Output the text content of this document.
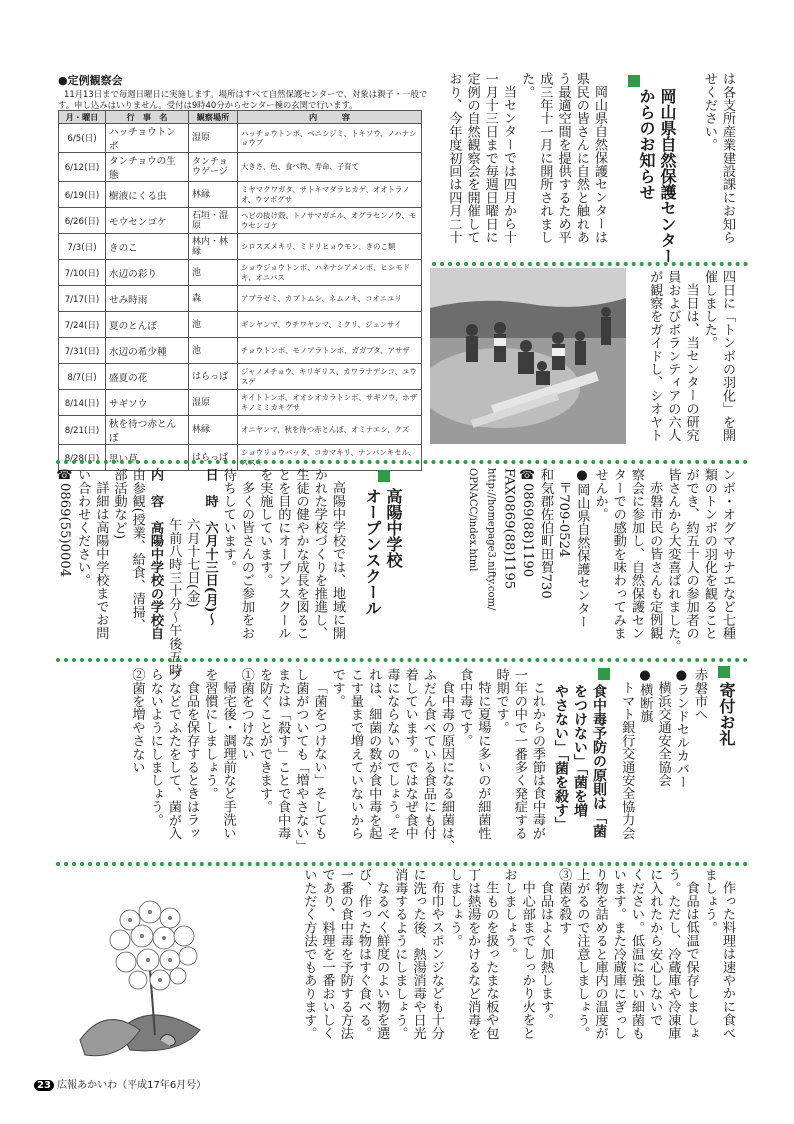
●定例観察会
11月13日まで毎週日曜日に実施します。場所はすべて自然保護センターで、対象は親子・一般で
す。申し込みはいりません。受付は9時40分からセンター棟の玄関で行います。
月・曜日	行　事　名	観察場所	内　　　容
6/5(日)	ハッチョウトンボ	湿原	ハッチョウトンボ、ベニシジミ、トキソウ、ノハナショウブ
6/12(日)	タンチョウの生態	タンチョウゲージ	大きさ、色、食べ物、寿命、子育て
6/19(日)	樹液にくる虫	林縁	ミヤマクワガタ、サトキマダラヒカゲ、オオトラノオ、ウツボグサ
6/26(日)	モウセンゴケ	石垣・湿原	ヘビの抜け殻、トノサマガエル、オグラセンノウ、モウセンゴケ
7/3(日)	きのこ	林内・林縁	シロスズメキリ、ミドリヒョウモン、きのこ類
7/10(日)	水辺の彩り	池	ショウジョウトンボ、ハネナシアメンボ、ヒシモドキ、オニバス
7/17(日)	せみ時雨	森	アブラゼミ、カブトムシ、ネムノキ、コオニユリ
7/24(日)	夏のとんぼ	池	ギンヤンマ、ウチワヤンマ、ミクリ、ジュンサイ
7/31(日)	水辺の希少種	池	チョウトンボ、モノアラトンボ、ガガブタ、アサザ
8/7(日)	盛夏の花	はらっぱ	ジャノメチョウ、キリギリス、カワラナデシコ、ユウスゲ
8/14(日)	サギソウ	湿原	キイトトンボ、オオシオカラトンボ、サギソウ、ホザキノミミカキグサ
8/21(日)	秋を待つ赤とんぼ	林縁	オニヤンマ、秋を待つ赤とんぼ、オミナエシ、クズ
8/28(日)	思い草	はらっぱ	ショウリョウバッタ、コカマキリ、ナンバンキセル、ススキ

は各支所産業建設課にお知ら

せください。

岡山県自然保護センター

からのお知らせ

岡山県自然保護センターは

県民の皆さんに自然と触れあ

う最適空間を提供するため平

成三年十一月に開所されまし

た。

当センターでは四月から十

一月十三日まで毎週日曜日に

定例の自然観察会を開催して

おり、今年度初回は四月二十

四日に「トンボの羽化」を開

催しました。

当日は、当センターの研究

員およびボランティアの六人

が観察をガイドし、シオヤト

ンボ・オグマサナエなど七種

類のトンボの羽化を観ること

ができ、約五十人の参加者の

皆さんから大変喜ばれました。

赤磐市民の皆さんも定例観

察会に参加し、自然保護セン

ターでの感動を味わってみま

せんか。

●岡山県自然保護センター

〒709‐0524

和気郡佐伯町田賀730

☎0869(88)1190

FAX0869(88)1195

http://homepage3.nifty.com/

OPNACC/index.html

高陽中学校

オープンスクール

高陽中学校では、地域に開

かれた学校づくりを推進し、

生徒の健やかな成長を図るこ

とを目的にオープンスクール

を実施しています。

多くの皆さんのご参加をお

待ちしています。

日　時　六月十三日(月)～

六月十七日(金)

午前八時三十分～午後五時

内　容　高陽中学校の学校自

由参観(授業、給食、清掃、

部活動など)

詳細は高陽中学校までお問

い合わせください。

☎0869(55)0004

寄付お礼

赤磐市へ

●ランドセルカバー

横浜交通安全協会

●横断旗

トマト銀行交通安全協力会

食中毒予防の原則は「菌

をつけない」「菌を増

やさない」「菌を殺す」

これからの季節は食中毒が

一年の中で一番多く発症する

時期です。

特に夏場に多いのが細菌性

食中毒です。

食中毒の原因になる細菌は、

ふだん食べている食品にも付

着しています。ではなぜ食中

毒にならないのでしょう。そ

れは、細菌の数が食中毒を起

こす量まで増えていないから

です。

「菌をつけない」そしても

し菌がついても「増やさない」

または「殺す」ことで食中毒

を防ぐことができます。

①菌をつけない

帰宅後・調理前など手洗い

を習慣にしましょう。

食品を保存するときはラッ

プなどでふたをして、菌が入

らないようにしましょう。

②菌を増やさない

作った料理は速やかに食べ

ましょう。

食品は低温で保存しましょ

う。ただし、冷蔵庫や冷凍庫

に入れたから安心しないで

ください。低温に強い細菌も

います。また冷蔵庫にぎっし

り物を詰めると庫内の温度が

上がるので注意しましょう。

③菌を殺す

食品はよく加熱します。

中心部までしっかり火をと

おしましょう。

生ものを扱ったまな板や包

丁は熱湯をかけるなど消毒を

しましょう。

布巾やスポンジなども十分

に洗った後、熱湯消毒や日光

消毒するようにしましょう。

なるべく鮮度のよい物を選

び、作った物はすぐ食べる。

一番の食中毒を予防する方法

であり、料理を一番おいしく

いただく方法でもあります。

23 広報あかいわ（平成17年6月号）
